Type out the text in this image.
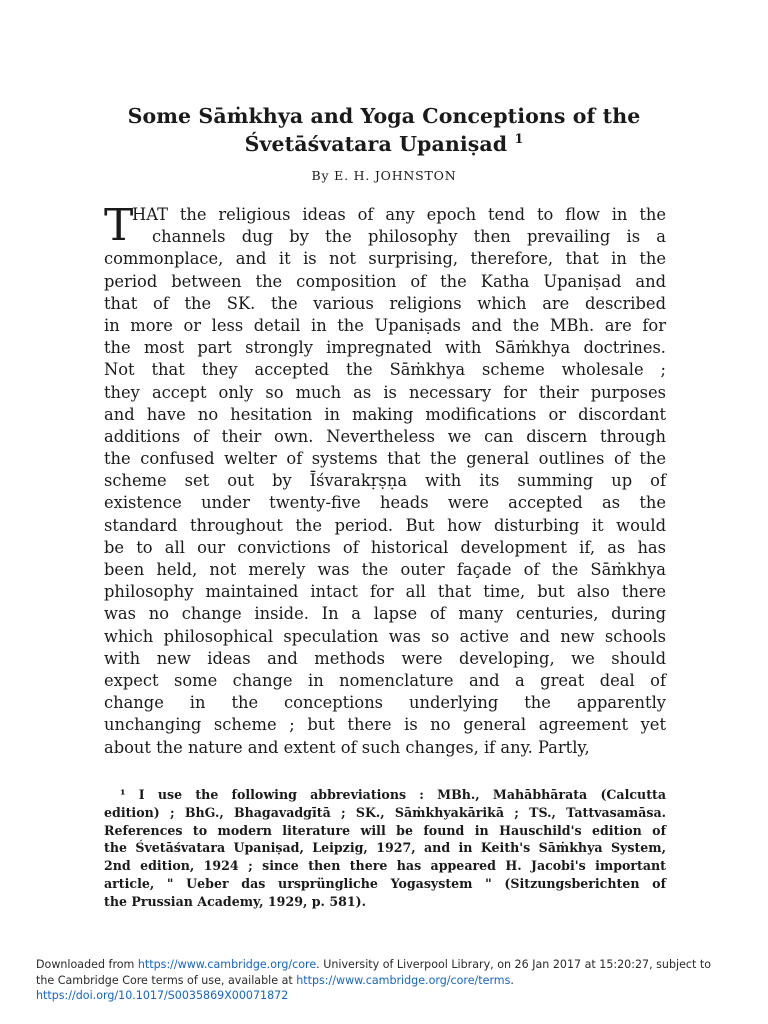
Some Sāṁkhya and Yoga Conceptions of the
Śvetāśvatara Upaniṣad $^1$
By E. H. JOHNSTON
T
HAT the religious ideas of any epoch tend to flow in the
channels dug by the philosophy then prevailing is a
commonplace, and it is not surprising, therefore, that in the
period between the composition of the Katha Upaniṣad and
that of the SK. the various religions which are described
in more or less detail in the Upaniṣads and the MBh. are for
the most part strongly impregnated with Sāṁkhya doctrines.
Not that they accepted the Sāṁkhya scheme wholesale ;
they accept only so much as is necessary for their purposes
and have no hesitation in making modifications or discordant
additions of their own. Nevertheless we can discern through
the confused welter of systems that the general outlines of the
scheme set out by Īśvarakṛṣṇa with its summing up of
existence under twenty-five heads were accepted as the
standard throughout the period. But how disturbing it would
be to all our convictions of historical development if, as has
been held, not merely was the outer façade of the Sāṁkhya
philosophy maintained intact for all that time, but also there
was no change inside. In a lapse of many centuries, during
which philosophical speculation was so active and new schools
with new ideas and methods were developing, we should
expect some change in nomenclature and a great deal of
change in the conceptions underlying the apparently
unchanging scheme ; but there is no general agreement yet
about the nature and extent of such changes, if any. Partly,
¹ I use the following abbreviations : MBh., Mahābhārata (Calcutta
edition) ; BhG., Bhagavadgītā ; SK., Sāṁkhyakārikā ; TS., Tattvasamāsa.
References to modern literature will be found in Hauschild's edition of
the Śvetāśvatara Upaniṣad, Leipzig, 1927, and in Keith's Sāṁkhya System,
2nd edition, 1924 ; since then there has appeared H. Jacobi's important
article, " Ueber das ursprüngliche Yogasystem " (Sitzungsberichten of
the Prussian Academy, 1929, p. 581).
Downloaded from https://www.cambridge.org/core. University of Liverpool Library, on 26 Jan 2017 at 15:20:27, subject to
the Cambridge Core terms of use, available at https://www.cambridge.org/core/terms.
https://doi.org/10.1017/S0035869X00071872
